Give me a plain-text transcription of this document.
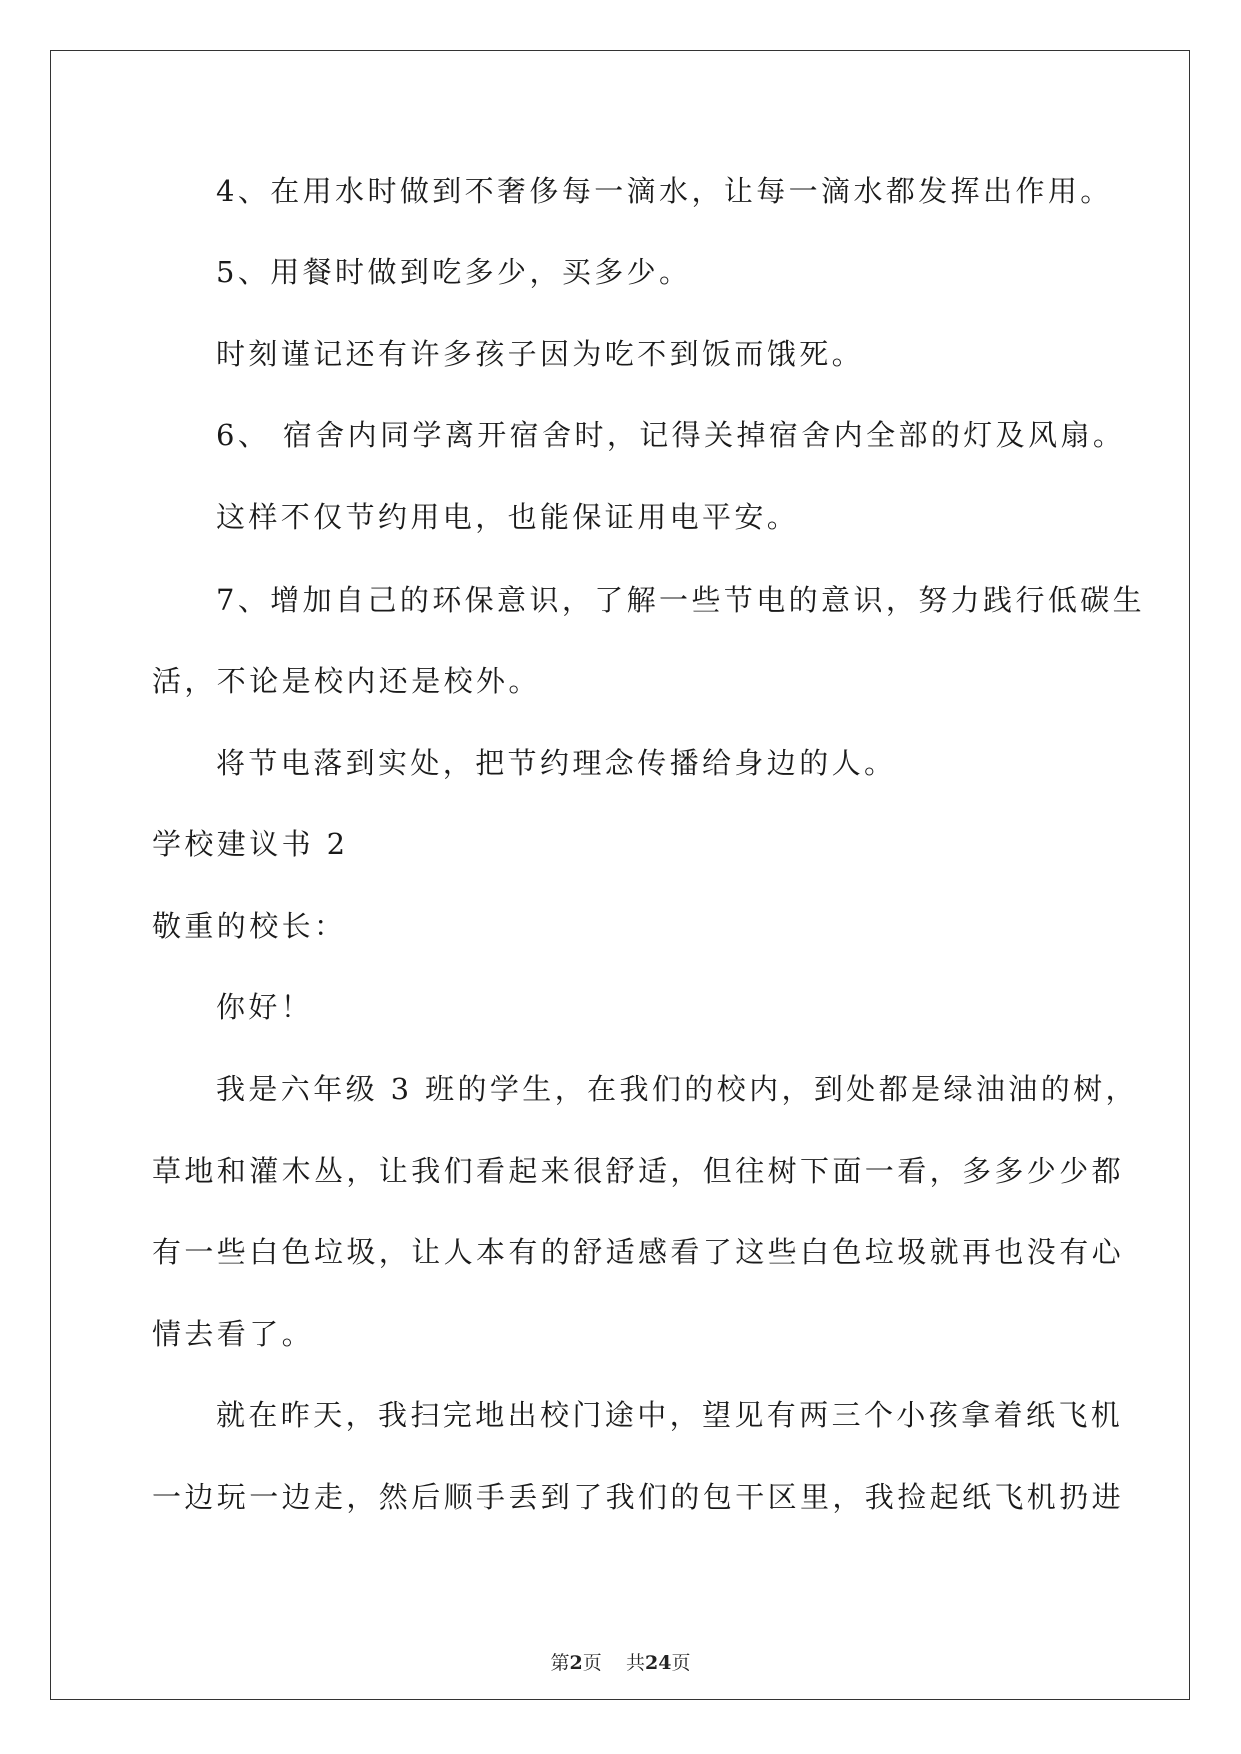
4、在用水时做到不奢侈每一滴水，让每一滴水都发挥出作用。
5、用餐时做到吃多少，买多少。
时刻谨记还有许多孩子因为吃不到饭而饿死。
6、 宿舍内同学离开宿舍时，记得关掉宿舍内全部的灯及风扇。
这样不仅节约用电，也能保证用电平安。
7、增加自己的环保意识，了解一些节电的意识，努力践行低碳生
活，不论是校内还是校外。
将节电落到实处，把节约理念传播给身边的人。
学校建议书 2
敬重的校长：
你好！
我是六年级 3 班的学生，在我们的校内，到处都是绿油油的树，
草地和灌木丛，让我们看起来很舒适，但往树下面一看，多多少少都
有一些白色垃圾，让人本有的舒适感看了这些白色垃圾就再也没有心
情去看了。
就在昨天，我扫完地出校门途中，望见有两三个小孩拿着纸飞机
一边玩一边走，然后顺手丢到了我们的包干区里，我捡起纸飞机扔进
第2页 共24页
